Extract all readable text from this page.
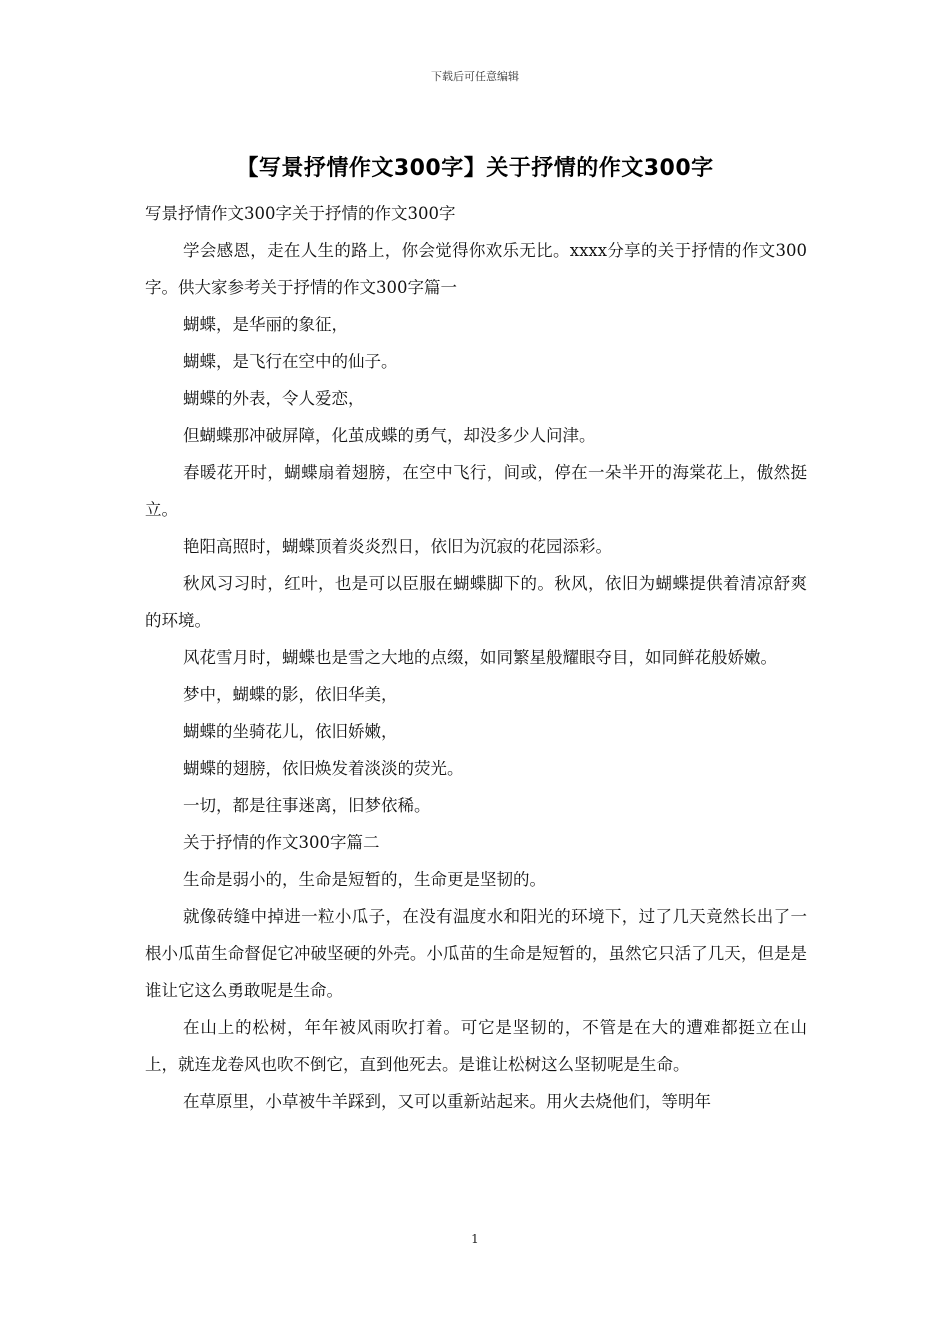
下载后可任意编辑
【写景抒情作文300字】关于抒情的作文300字

写景抒情作文300字关于抒情的作文300字

学会感恩，走在人生的路上，你会觉得你欢乐无比。xxxx分享的关于抒情的作文300字。供大家参考关于抒情的作文300字篇一

蝴蝶，是华丽的象征，

蝴蝶，是飞行在空中的仙子。

蝴蝶的外表，令人爱恋，

但蝴蝶那冲破屏障，化茧成蝶的勇气，却没多少人问津。

春暖花开时，蝴蝶扇着翅膀，在空中飞行，间或，停在一朵半开的海棠花上，傲然挺立。

艳阳高照时，蝴蝶顶着炎炎烈日，依旧为沉寂的花园添彩。

秋风习习时，红叶，也是可以臣服在蝴蝶脚下的。秋风，依旧为蝴蝶提供着清凉舒爽的环境。

风花雪月时，蝴蝶也是雪之大地的点缀，如同繁星般耀眼夺目，如同鲜花般娇嫩。

梦中，蝴蝶的影，依旧华美，

蝴蝶的坐骑花儿，依旧娇嫩，

蝴蝶的翅膀，依旧焕发着淡淡的荧光。

一切，都是往事迷离，旧梦依稀。

关于抒情的作文300字篇二

生命是弱小的，生命是短暂的，生命更是坚韧的。

就像砖缝中掉进一粒小瓜子，在没有温度水和阳光的环境下，过了几天竟然长出了一根小瓜苗生命督促它冲破坚硬的外壳。小瓜苗的生命是短暂的，虽然它只活了几天，但是是谁让它这么勇敢呢是生命。

在山上的松树，年年被风雨吹打着。可它是坚韧的，不管是在大的遭难都挺立在山上，就连龙卷风也吹不倒它，直到他死去。是谁让松树这么坚韧呢是生命。

在草原里，小草被牛羊踩到，又可以重新站起来。用火去烧他们，等明年

1
